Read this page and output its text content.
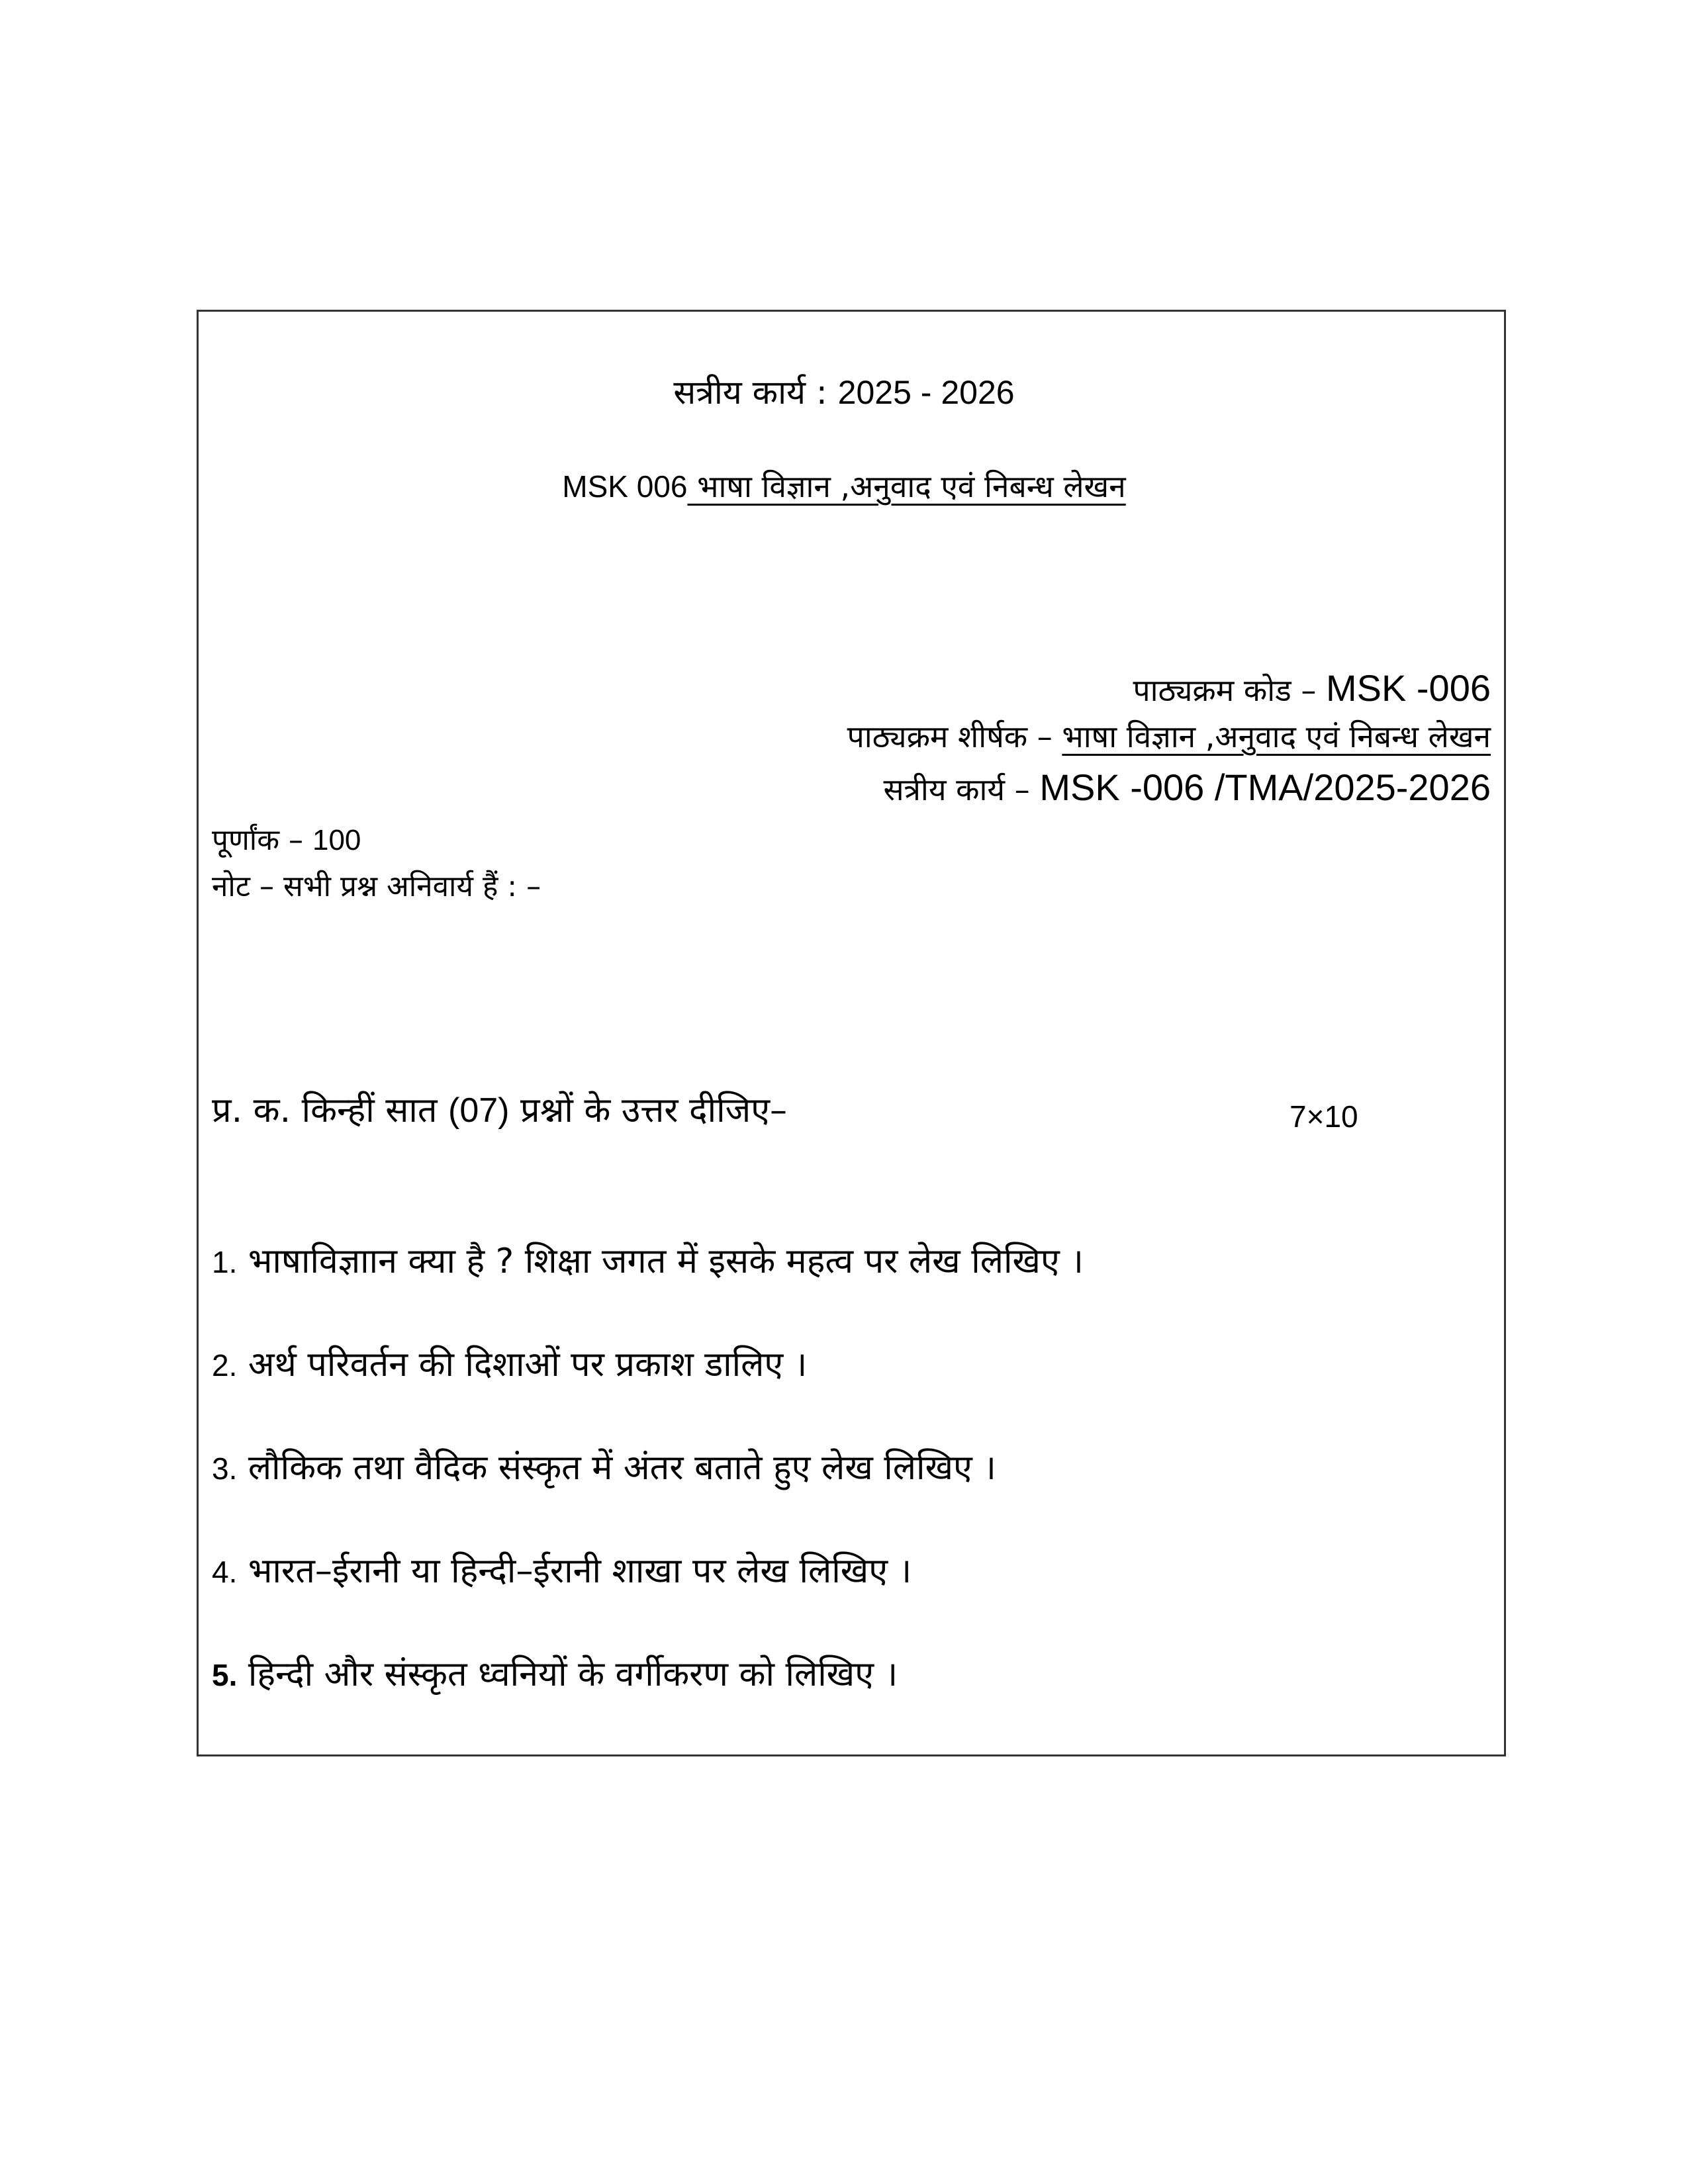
सत्रीय कार्य : 2025 - 2026
MSK 006 भाषा विज्ञान ,अनुवाद एवं निबन्ध लेखन
पाठ्यक्रम कोड – MSK -006
पाठ्यक्रम शीर्षक – भाषा विज्ञान ,अनुवाद एवं निबन्ध लेखन
सत्रीय कार्य – MSK -006 /TMA/2025-2026
पूर्णांक – 100
नोट – सभी प्रश्न अनिवार्य हैं : –
प्र. क. किन्हीं सात (07) प्रश्नों के उत्तर दीजिए–	7×10
1. भाषाविज्ञाान क्या है ? शिक्षा जगत में इसके महत्व पर लेख लिखिए ।
2. अर्थ परिवर्तन की दिशाओं पर प्रकाश डालिए ।
3. लौकिक तथा वैदिक संस्कृत में अंतर बताते हुए लेख लिखिए ।
4. भारत–ईरानी या हिन्दी–ईरानी शाखा पर लेख लिखिए ।
5. हिन्दी और संस्कृत ध्वनियों के वर्गीकरण को लिखिए ।
